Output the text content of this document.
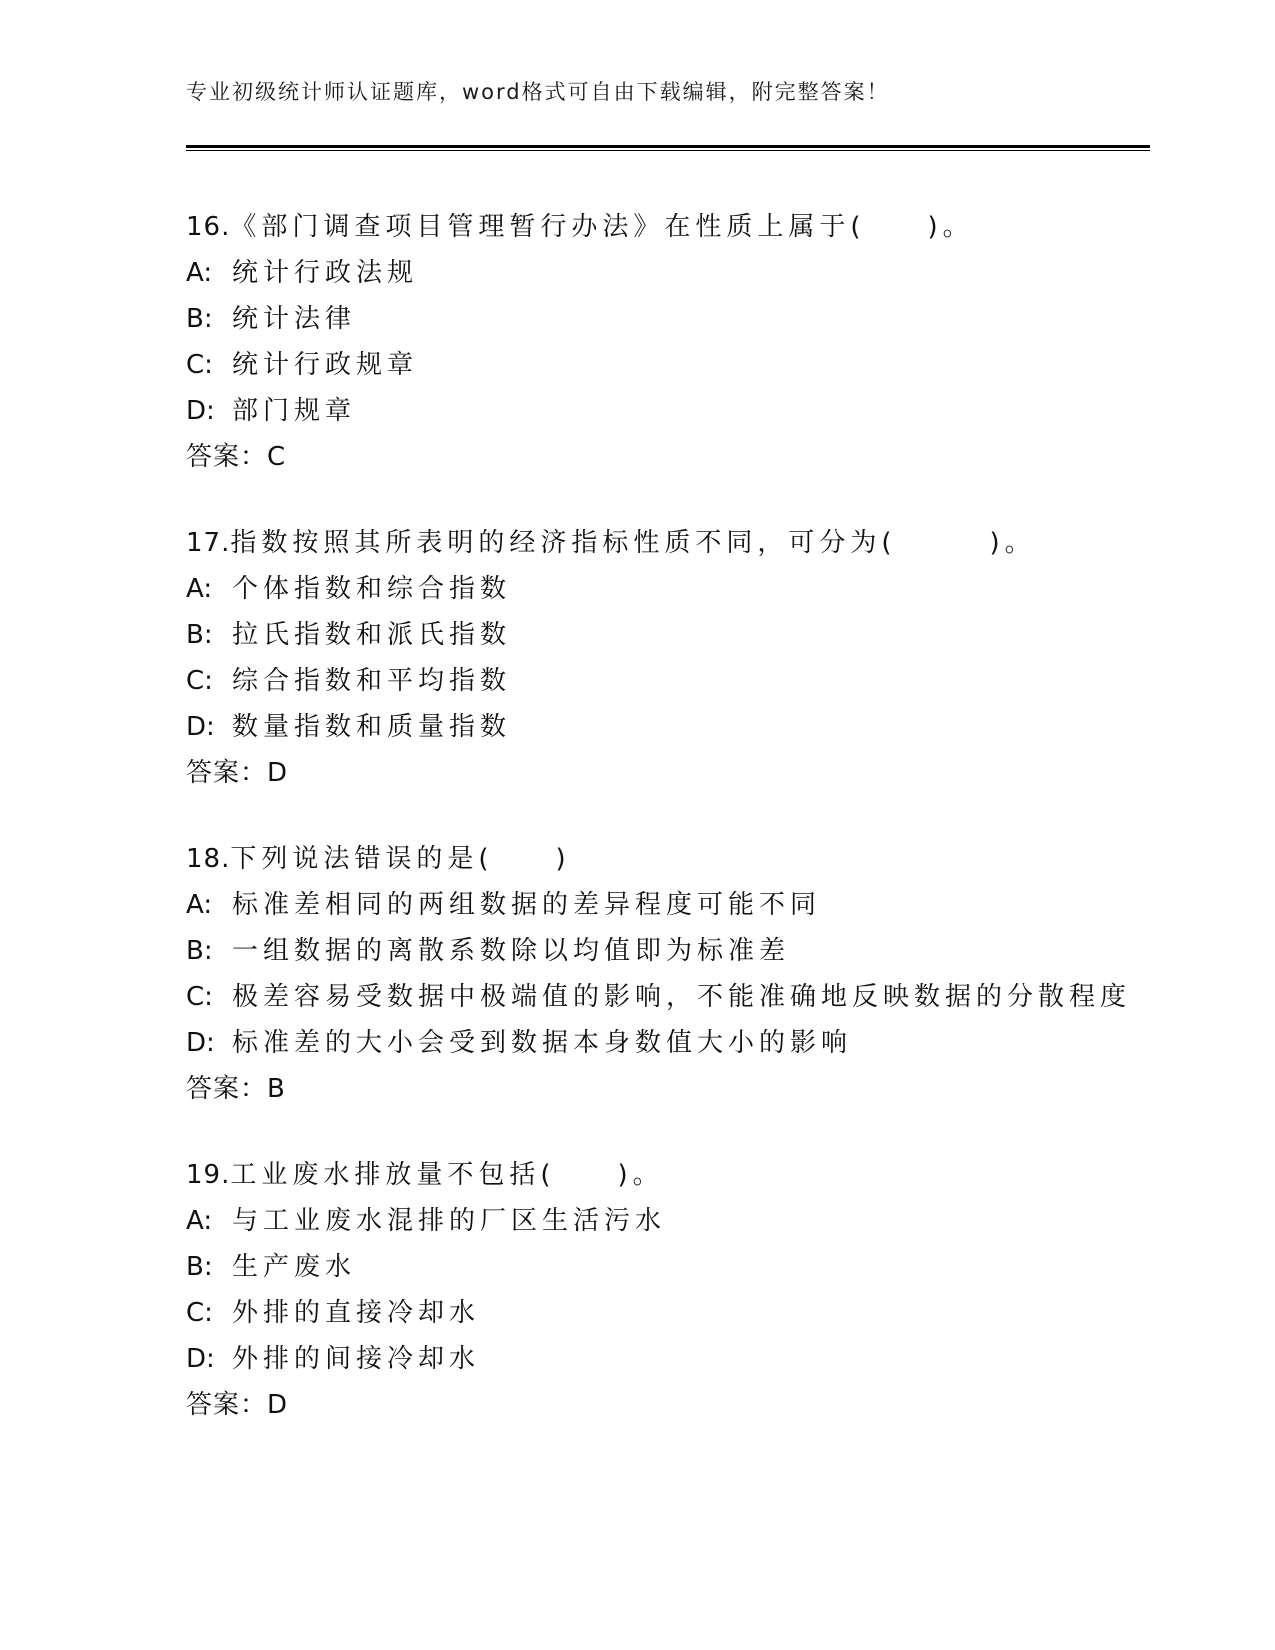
专业初级统计师认证题库，word格式可自由下载编辑，附完整答案！
16.《部门调查项目管理暂行办法》在性质上属于(　　)。
A: 统计行政法规
B: 统计法律
C: 统计行政规章
D: 部门规章
答案：C
17.指数按照其所表明的经济指标性质不同，可分为(　　　)。
A: 个体指数和综合指数
B: 拉氏指数和派氏指数
C: 综合指数和平均指数
D: 数量指数和质量指数
答案：D
18.下列说法错误的是(　　)
A: 标准差相同的两组数据的差异程度可能不同
B: 一组数据的离散系数除以均值即为标准差
C: 极差容易受数据中极端值的影响，不能准确地反映数据的分散程度
D: 标准差的大小会受到数据本身数值大小的影响
答案：B
19.工业废水排放量不包括(　　)。
A: 与工业废水混排的厂区生活污水
B: 生产废水
C: 外排的直接冷却水
D: 外排的间接冷却水
答案：D
